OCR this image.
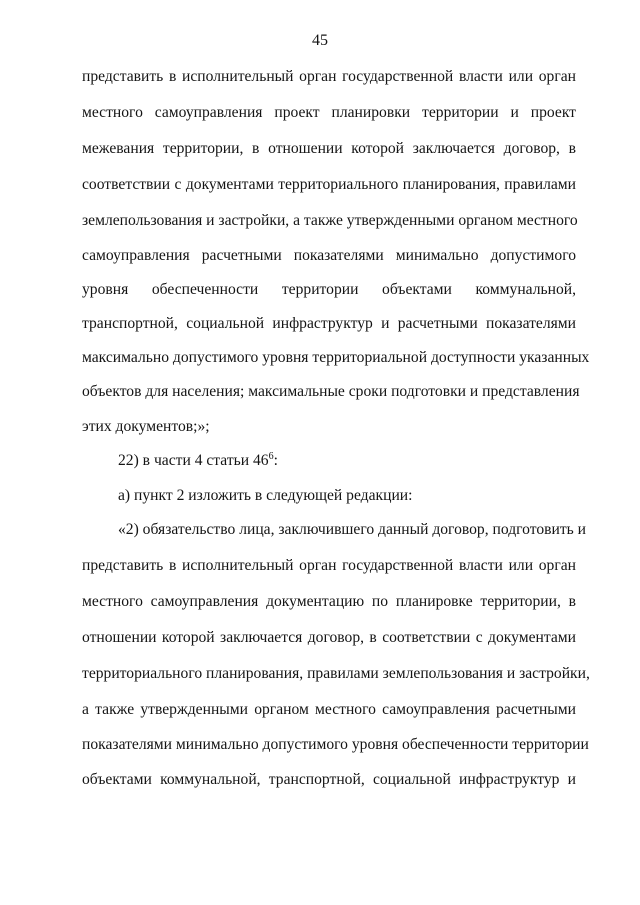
45
представить в исполнительный орган государственной власти или орган
местного самоуправления проект планировки территории и проект
межевания территории, в отношении которой заключается договор, в
соответствии с документами территориального планирования, правилами
землепользования и застройки, а также утвержденными органом местного
самоуправления расчетными показателями минимально допустимого
уровня обеспеченности территории объектами коммунальной,
транспортной, социальной инфраструктур и расчетными показателями
максимально допустимого уровня территориальной доступности указанных
объектов для населения; максимальные сроки подготовки и представления
этих документов;»;
22) в части 4 статьи $46^6$:
а) пункт 2 изложить в следующей редакции:
«2) обязательство лица, заключившего данный договор, подготовить и
представить в исполнительный орган государственной власти или орган
местного самоуправления документацию по планировке территории, в
отношении которой заключается договор, в соответствии с документами
территориального планирования, правилами землепользования и застройки,
а также утвержденными органом местного самоуправления расчетными
показателями минимально допустимого уровня обеспеченности территории
объектами коммунальной, транспортной, социальной инфраструктур и
